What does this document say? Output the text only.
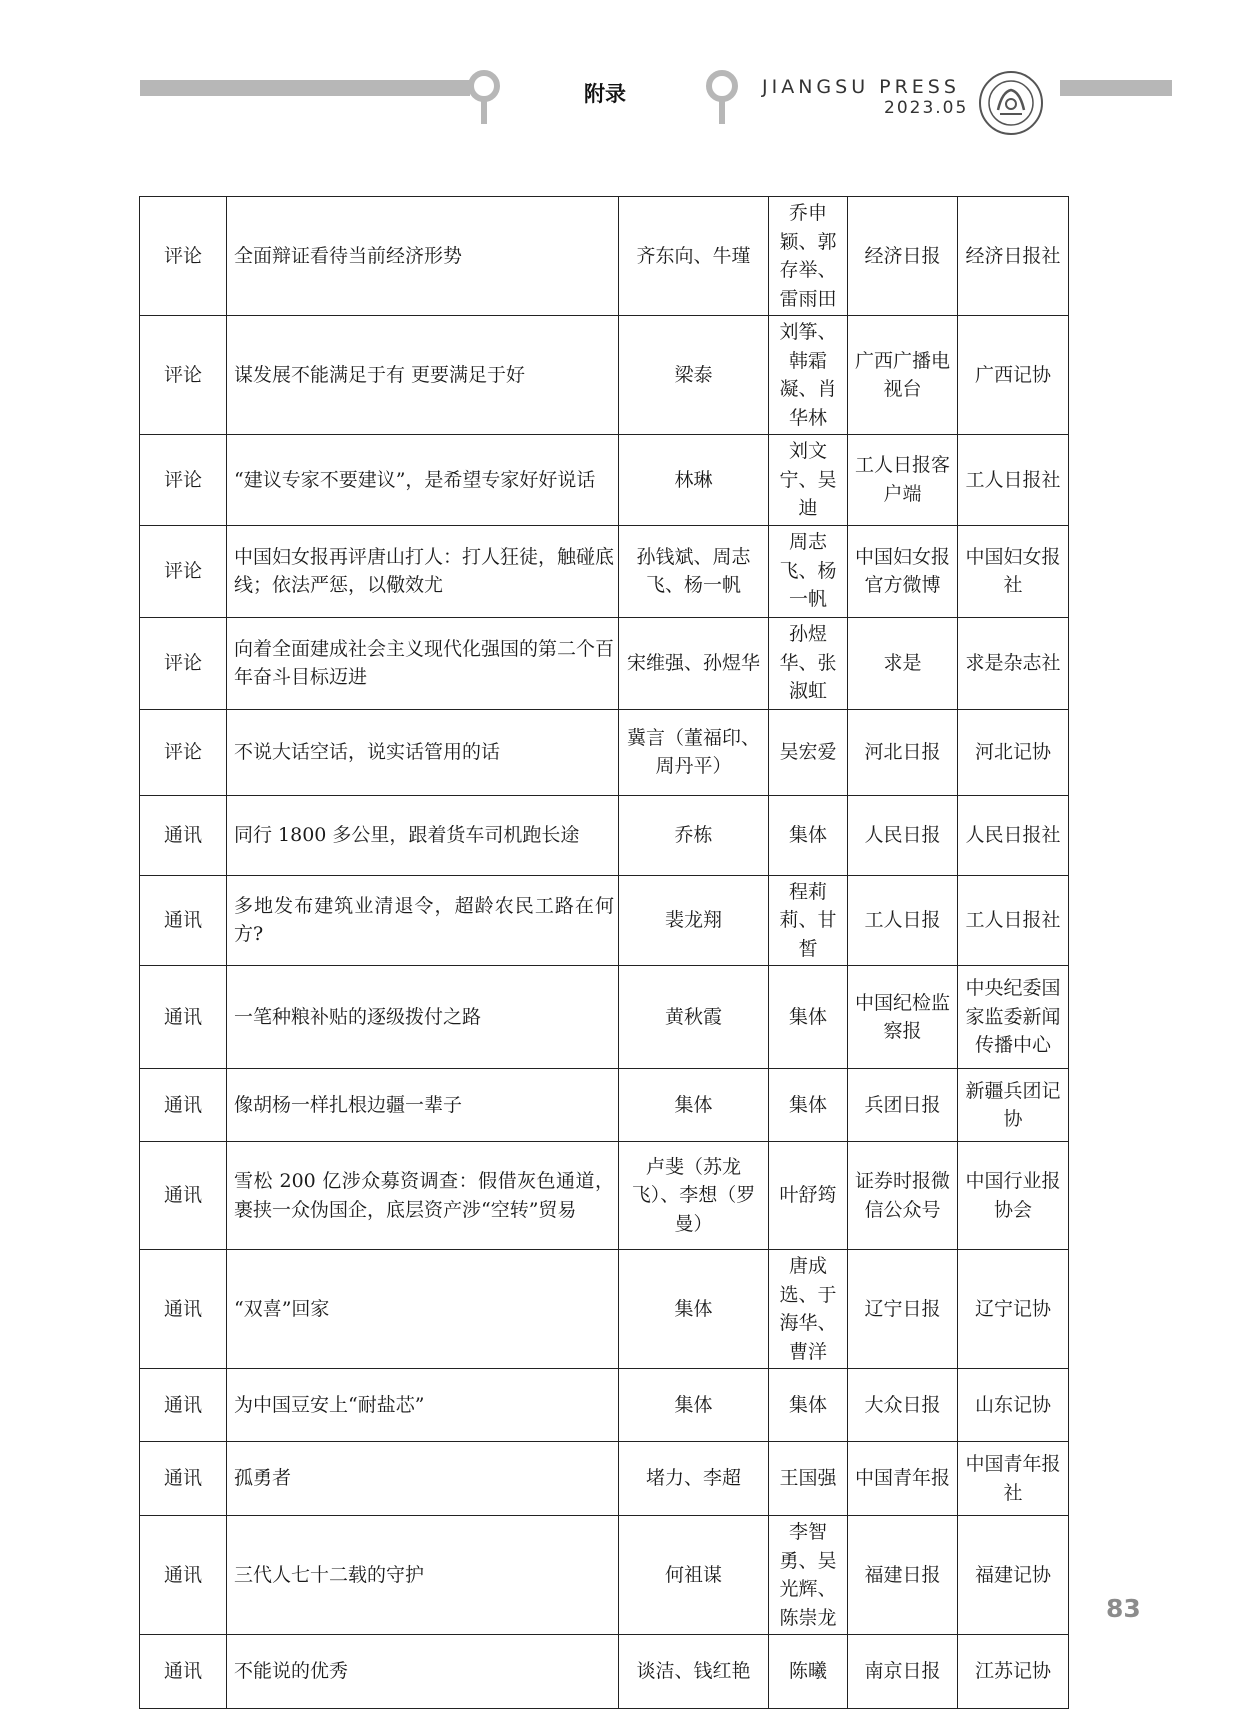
附录	JIANGSU PRESS
2023.05
评论	全面辩证看待当前经济形势	齐东向、牛瑾	乔申颖、郭存举、雷雨田	经济日报	经济日报社
评论	谋发展不能满足于有 更要满足于好	梁泰	刘筝、韩霜凝、肖华林	广西广播电视台	广西记协
评论	“建议专家不要建议”，是希望专家好好说话	林琳	刘文宁、吴迪	工人日报客户端	工人日报社
评论	中国妇女报再评唐山打人：打人狂徒，触碰底线；依法严惩，以儆效尤	孙钱斌、周志飞、杨一帆	周志飞、杨一帆	中国妇女报官方微博	中国妇女报社
评论	向着全面建成社会主义现代化强国的第二个百年奋斗目标迈进	宋维强、孙煜华	孙煜华、张淑虹	求是	求是杂志社
评论	不说大话空话，说实话管用的话	冀言（董福印、周丹平）	吴宏爱	河北日报	河北记协
通讯	同行 1800 多公里，跟着货车司机跑长途	乔栋	集体	人民日报	人民日报社
通讯	多地发布建筑业清退令，超龄农民工路在何方?	裴龙翔	程莉莉、甘皙	工人日报	工人日报社
通讯	一笔种粮补贴的逐级拨付之路	黄秋霞	集体	中国纪检监察报	中央纪委国家监委新闻传播中心
通讯	像胡杨一样扎根边疆一辈子	集体	集体	兵团日报	新疆兵团记协
通讯	雪松 200 亿涉众募资调查：假借灰色通道，裹挟一众伪国企，底层资产涉“空转”贸易	卢斐（苏龙飞）、李想（罗曼）	叶舒筠	证券时报微信公众号	中国行业报协会
通讯	“双喜”回家	集体	唐成选、于海华、曹洋	辽宁日报	辽宁记协
通讯	为中国豆安上“耐盐芯”	集体	集体	大众日报	山东记协
通讯	孤勇者	堵力、李超	王国强	中国青年报	中国青年报社
通讯	三代人七十二载的守护	何祖谋	李智勇、吴光辉、陈崇龙	福建日报	福建记协
通讯	不能说的优秀	谈洁、钱红艳	陈曦	南京日报	江苏记协
83
